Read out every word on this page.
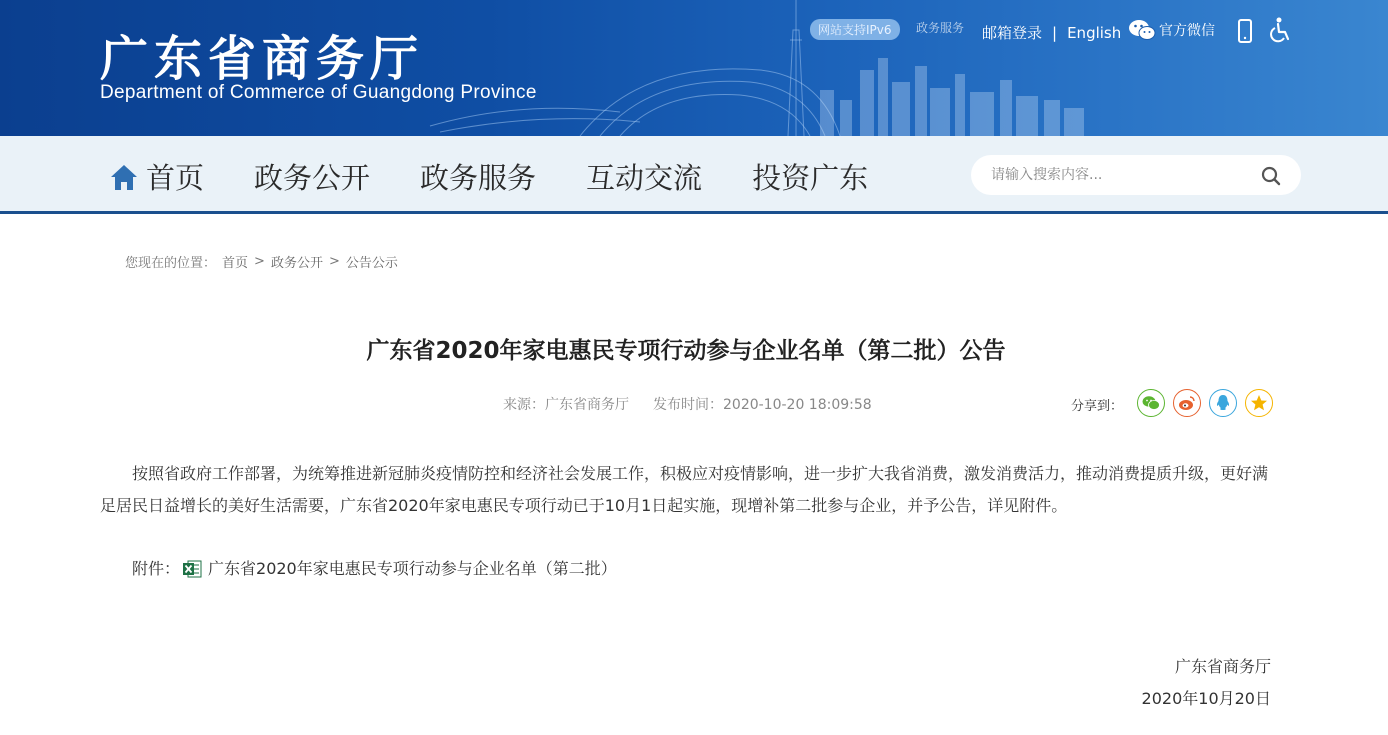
广东省商务厅
Department of Commerce of Guangdong Province
网站支持IPv6	政务服务 邮箱登录 | English	官方微信
首页 政务公开 政务服务 互动交流 投资广东
请输入搜索内容...
您现在的位置： 首页 > 政务公开 > 公告公示
广东省2020年家电惠民专项行动参与企业名单（第二批）公告
来源：广东省商务厅 发布时间：2020-10-20 18:09:58	分享到：
按照省政府工作部署，为统筹推进新冠肺炎疫情防控和经济社会发展工作，积极应对疫情影响，进一步扩大我省消费，激发消费活力，推动消费提质升级，更好满足居民日益增长的美好生活需要，广东省2020年家电惠民专项行动已于10月1日起实施，现增补第二批参与企业，并予公告，详见附件。
附件： 广东省2020年家电惠民专项行动参与企业名单（第二批）
广东省商务厅
2020年10月20日
